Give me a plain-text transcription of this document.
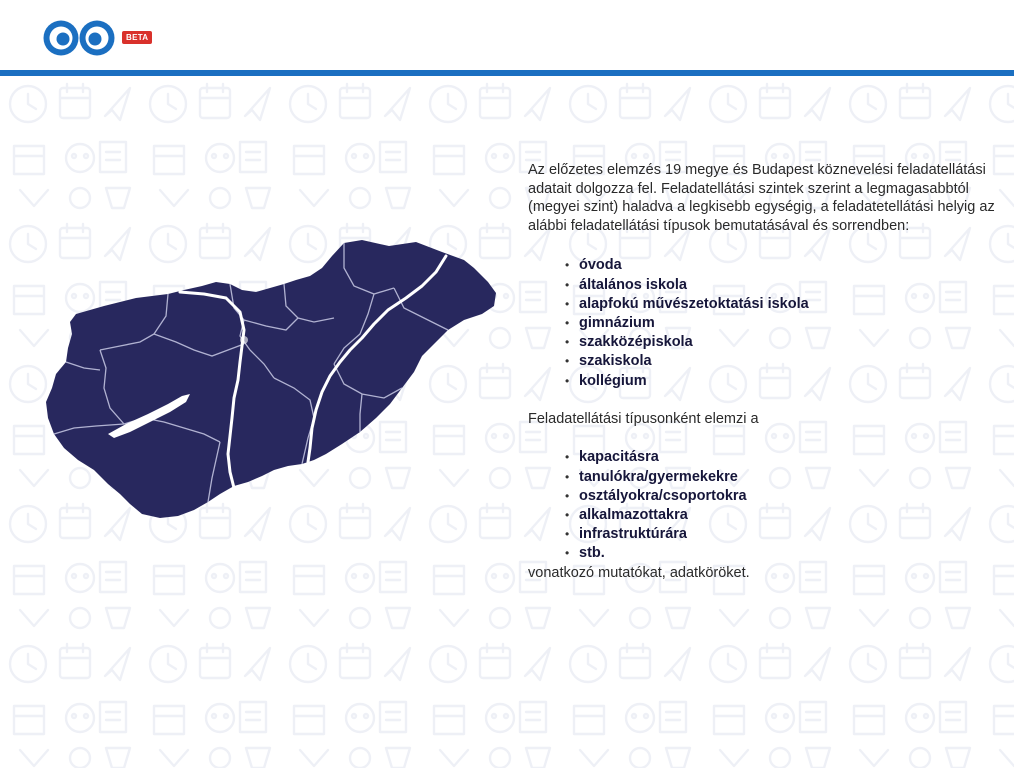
BETA

Az előzetes elemzés 19 megye és Budapest köznevelési feladatellátási adatait dolgozza fel. Feladatellátási szintek szerint a legmagasabbtól (megyei szint) haladva a legkisebb egységig, a feladatetellátási helyig az alábbi feladatellátási típusok bemutatásával és sorrendben:

• óvoda
• általános iskola
• alapfokú művészetoktatási iskola
• gimnázium
• szakközépiskola
• szakiskola
• kollégium

Feladatellátási típusonként elemzi a

• kapacitásra
• tanulókra/gyermekekre
• osztályokra/csoportokra
• alkalmazottakra
• infrastruktúrára
• stb.

vonatkozó mutatókat, adatköröket.
